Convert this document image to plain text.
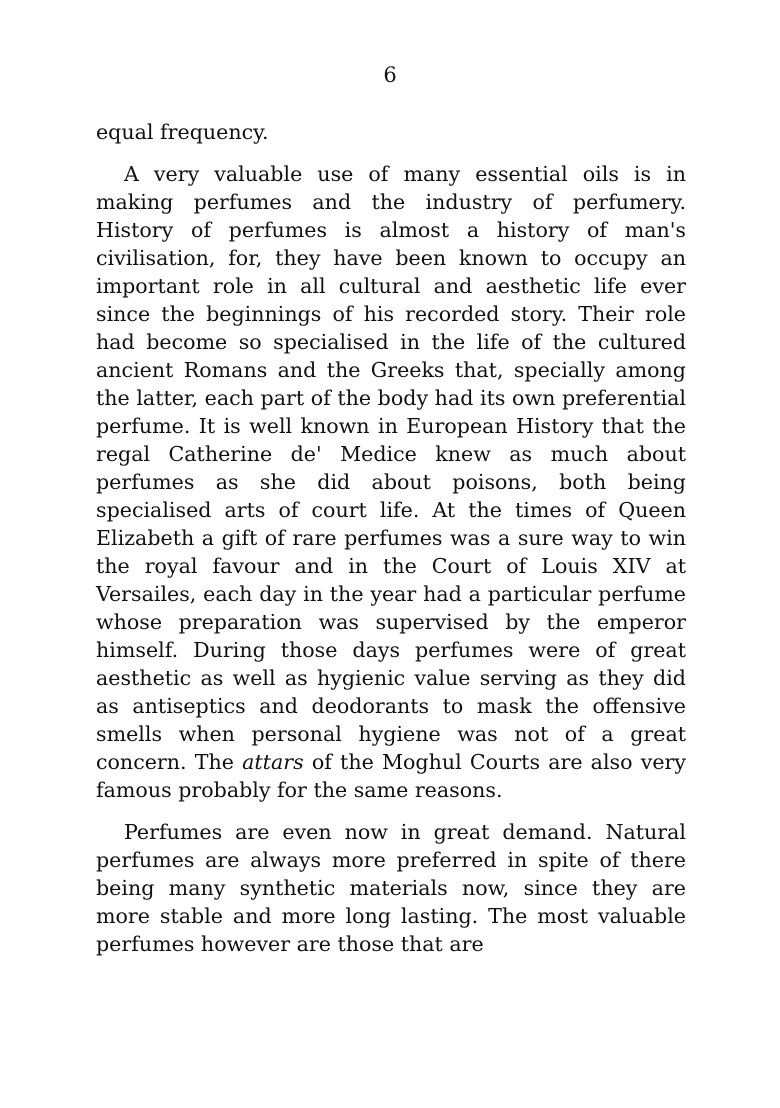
6

equal frequency.

A very valuable use of many essential oils is in making perfumes and the industry of perfumery. History of perfumes is almost a history of man's civilisation, for, they have been known to occupy an important role in all cultural and aesthetic life ever since the beginnings of his recorded story. Their role had become so specialised in the life of the cultured ancient Romans and the Greeks that, specially among the latter, each part of the body had its own preferential perfume. It is well known in European History that the regal Catherine de' Medice knew as much about perfumes as she did about poisons, both being specialised arts of court life. At the times of Queen Elizabeth a gift of rare perfumes was a sure way to win the royal favour and in the Court of Louis XIV at Versailes, each day in the year had a particular perfume whose preparation was supervised by the emperor himself. During those days perfumes were of great aesthetic as well as hygienic value serving as they did as antiseptics and deodorants to mask the offensive smells when personal hygiene was not of a great concern. The attars of the Moghul Courts are also very famous probably for the same reasons.

Perfumes are even now in great demand. Natural perfumes are always more preferred in spite of there being many synthetic materials now, since they are more stable and more long lasting. The most valuable perfumes however are those that are
